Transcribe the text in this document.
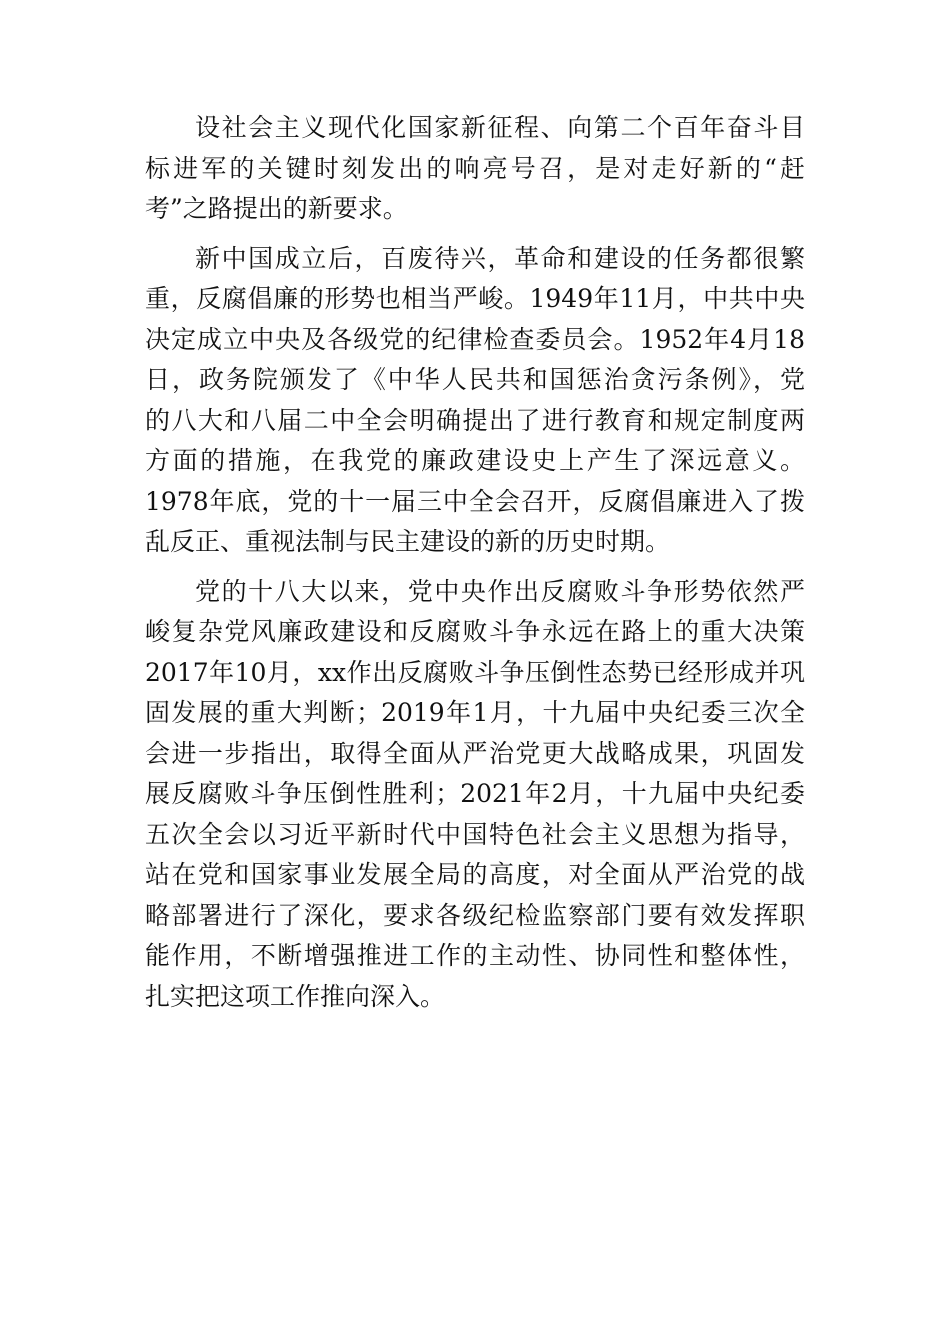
设社会主义现代化国家新征程、向第二个百年奋斗目
标进军的关键时刻发出的响亮号召，是对走好新的“赶
考”之路提出的新要求。
新中国成立后，百废待兴，革命和建设的任务都很繁
重，反腐倡廉的形势也相当严峻。1949年11月，中共中央
决定成立中央及各级党的纪律检查委员会。1952年4月18
日，政务院颁发了《中华人民共和国惩治贪污条例》，党
的八大和八届二中全会明确提出了进行教育和规定制度两
方面的措施，在我党的廉政建设史上产生了深远意义。
1978年底，党的十一届三中全会召开，反腐倡廉进入了拨
乱反正、重视法制与民主建设的新的历史时期。
党的十八大以来，党中央作出反腐败斗争形势依然严
峻复杂党风廉政建设和反腐败斗争永远在路上的重大决策
2017年10月，xx作出反腐败斗争压倒性态势已经形成并巩
固发展的重大判断；2019年1月，十九届中央纪委三次全
会进一步指出，取得全面从严治党更大战略成果，巩固发
展反腐败斗争压倒性胜利；2021年2月，十九届中央纪委
五次全会以习近平新时代中国特色社会主义思想为指导，
站在党和国家事业发展全局的高度，对全面从严治党的战
略部署进行了深化，要求各级纪检监察部门要有效发挥职
能作用，不断增强推进工作的主动性、协同性和整体性，
扎实把这项工作推向深入。
